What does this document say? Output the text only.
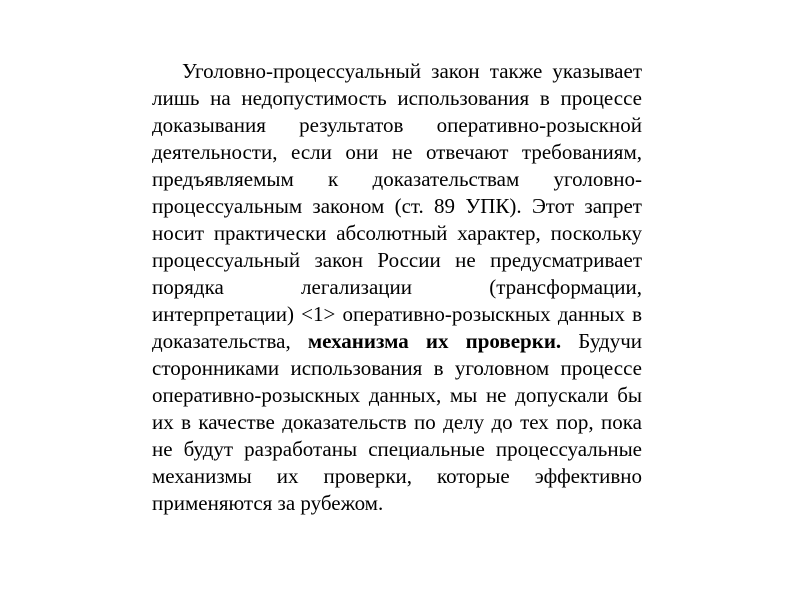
Уголовно-процессуальный закон также указывает лишь на недопустимость использования в процессе доказывания результатов оперативно-розыскной деятельности, если они не отвечают требованиям, предъявляемым к доказательствам уголовно-процессуальным законом (ст. 89 УПК). Этот запрет носит практически абсолютный характер, поскольку процессуальный закон России не предусматривает порядка легализации (трансформации, интерпретации) <1> оперативно-розыскных данных в доказательства, механизма их проверки. Будучи сторонниками использования в уголовном процессе оперативно-розыскных данных, мы не допускали бы их в качестве доказательств по делу до тех пор, пока не будут разработаны специальные процессуальные механизмы их проверки, которые эффективно применяются за рубежом.
